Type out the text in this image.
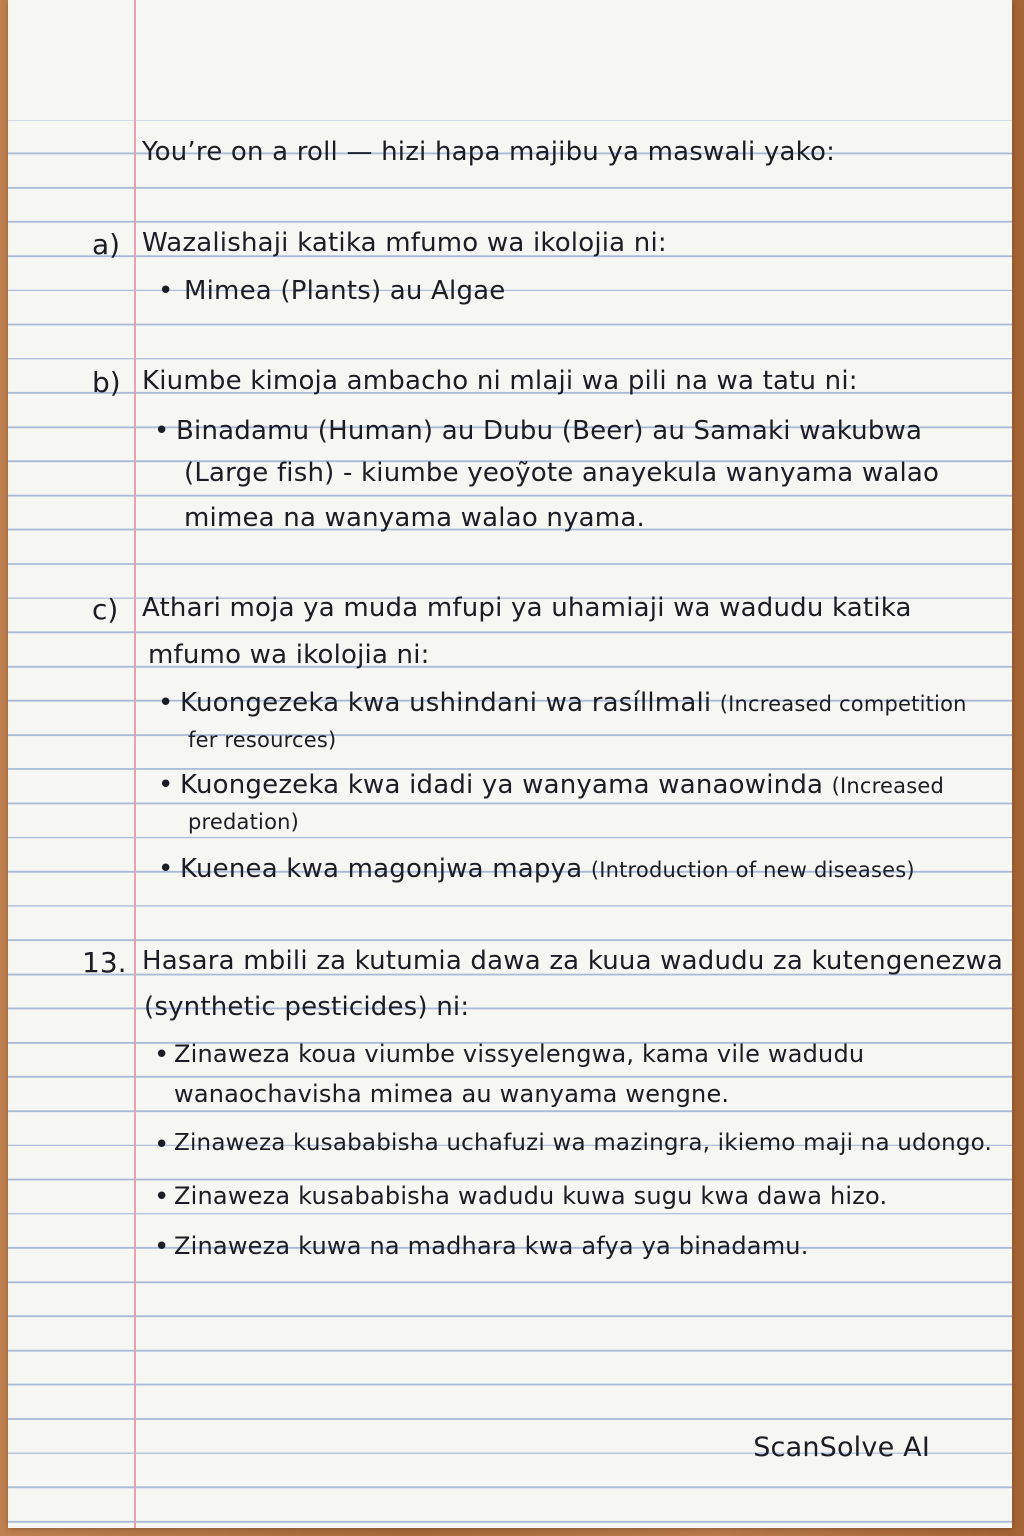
You’re on a roll — hizi hapa majibu ya maswali yako:
a) Wazalishaji katika mfumo wa ikolojia ni:
• Mimea (Plants) au Algae
b) Kiumbe kimoja ambacho ni mlaji wa pili na wa tatu ni:
• Binadamu (Human) au Dubu (Beer) au Samaki wakubwa
(Large fish) - kiumbe yeoỹote anayekula wanyama walao
mimea na wanyama walao nyama.
c) Athari moja ya muda mfupi ya uhamiaji wa wadudu katika
mfumo wa ikolojia ni:
• Kuongezeka kwa ushindani wa rasíllmali (Increased competition
fer resources)
• Kuongezeka kwa idadi ya wanyama wanaowinda (Increased
predation)
• Kuenea kwa magonjwa mapya (Introduction of new diseases)
13. Hasara mbili za kutumia dawa za kuua wadudu za kutengenezwa
(synthetic pesticides) ni:
• Zinaweza koua viumbe vissyelengwa, kama vile wadudu
wanaochavisha mimea au wanyama wengne.
• Zinaweza kusababisha uchafuzi wa mazingra, ikiemo maji na udongo.
• Zinaweza kusababisha wadudu kuwa sugu kwa dawa hizo.
• Zinaweza kuwa na madhara kwa afya ya binadamu.
ScanSolve AI
